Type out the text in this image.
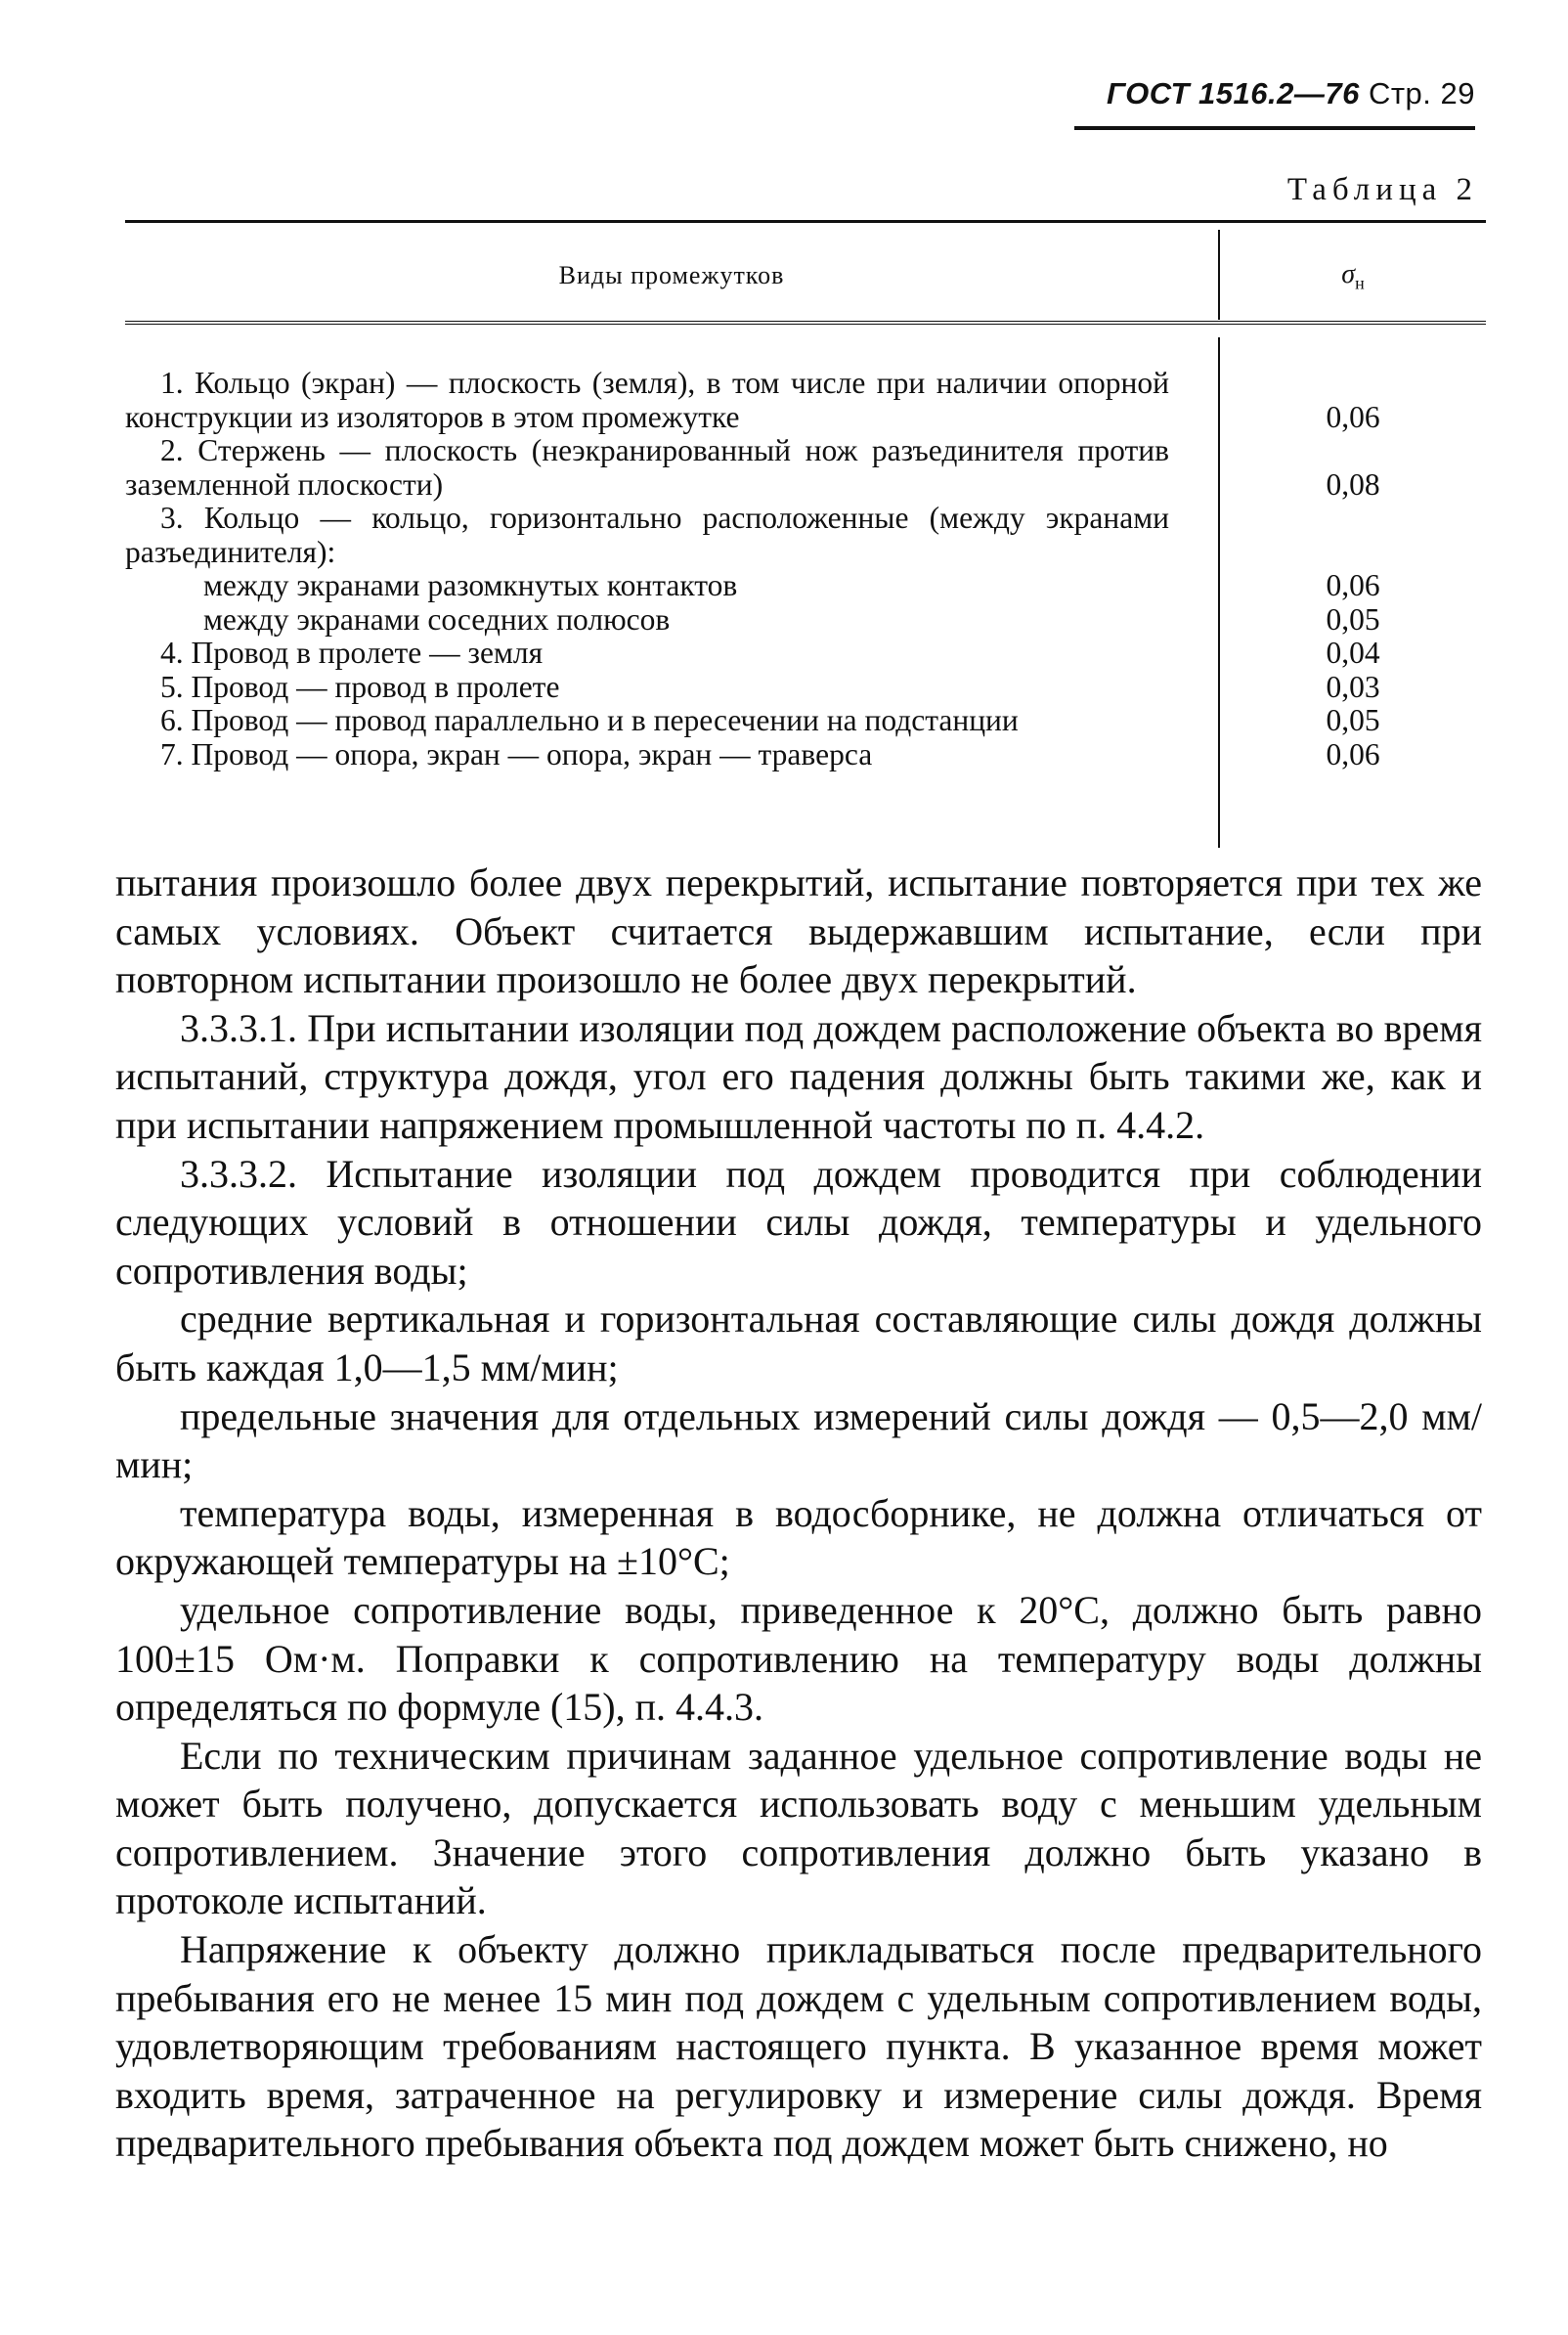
ГОСТ 1516.2—76 Стр. 29
Таблица 2
Виды промежутков	$\sigma_н$
1. Кольцо (экран) — плоскость (земля), в том числе при наличии опорной конструкции из изоляторов в этом промежутке	0,06
2. Стержень — плоскость (неэкранированный нож разъединителя против заземленной плоскости)	0,08
3. Кольцо — кольцо, горизонтально расположенные (между экранами разъединителя):
между экранами разомкнутых контактов	0,06
между экранами соседних полюсов	0,05
4. Провод в пролете — земля	0,04
5. Провод — провод в пролете	0,03
6. Провод — провод параллельно и в пересечении на подстанции	0,05
7. Провод — опора, экран — опора, экран — траверса	0,06

пытания произошло более двух перекрытий, испытание повторяется при тех же самых условиях. Объект считается выдержавшим испытание, если при повторном испытании произошло не более двух перекрытий.

3.3.3.1. При испытании изоляции под дождем расположение объекта во время испытаний, структура дождя, угол его падения должны быть такими же, как и при испытании напряжением промышленной частоты по п. 4.4.2.

3.3.3.2. Испытание изоляции под дождем проводится при соблюдении следующих условий в отношении силы дождя, температуры и удельного сопротивления воды;

средние вертикальная и горизонтальная составляющие силы дождя должны быть каждая 1,0—1,5 мм/мин;

предельные значения для отдельных измерений силы дождя — 0,5—2,0 мм/мин;

температура воды, измеренная в водосборнике, не должна отличаться от окружающей температуры на ±10°С;

удельное сопротивление воды, приведенное к 20°С, должно быть равно 100±15 Ом·м. Поправки к сопротивлению на температуру воды должны определяться по формуле (15), п. 4.4.3.

Если по техническим причинам заданное удельное сопротивление воды не может быть получено, допускается использовать воду с меньшим удельным сопротивлением. Значение этого сопротивления должно быть указано в протоколе испытаний.

Напряжение к объекту должно прикладываться после предварительного пребывания его не менее 15 мин под дождем с удельным сопротивлением воды, удовлетворяющим требованиям настоящего пункта. В указанное время может входить время, затраченное на регулировку и измерение силы дождя. Время предварительного пребывания объекта под дождем может быть снижено, но
